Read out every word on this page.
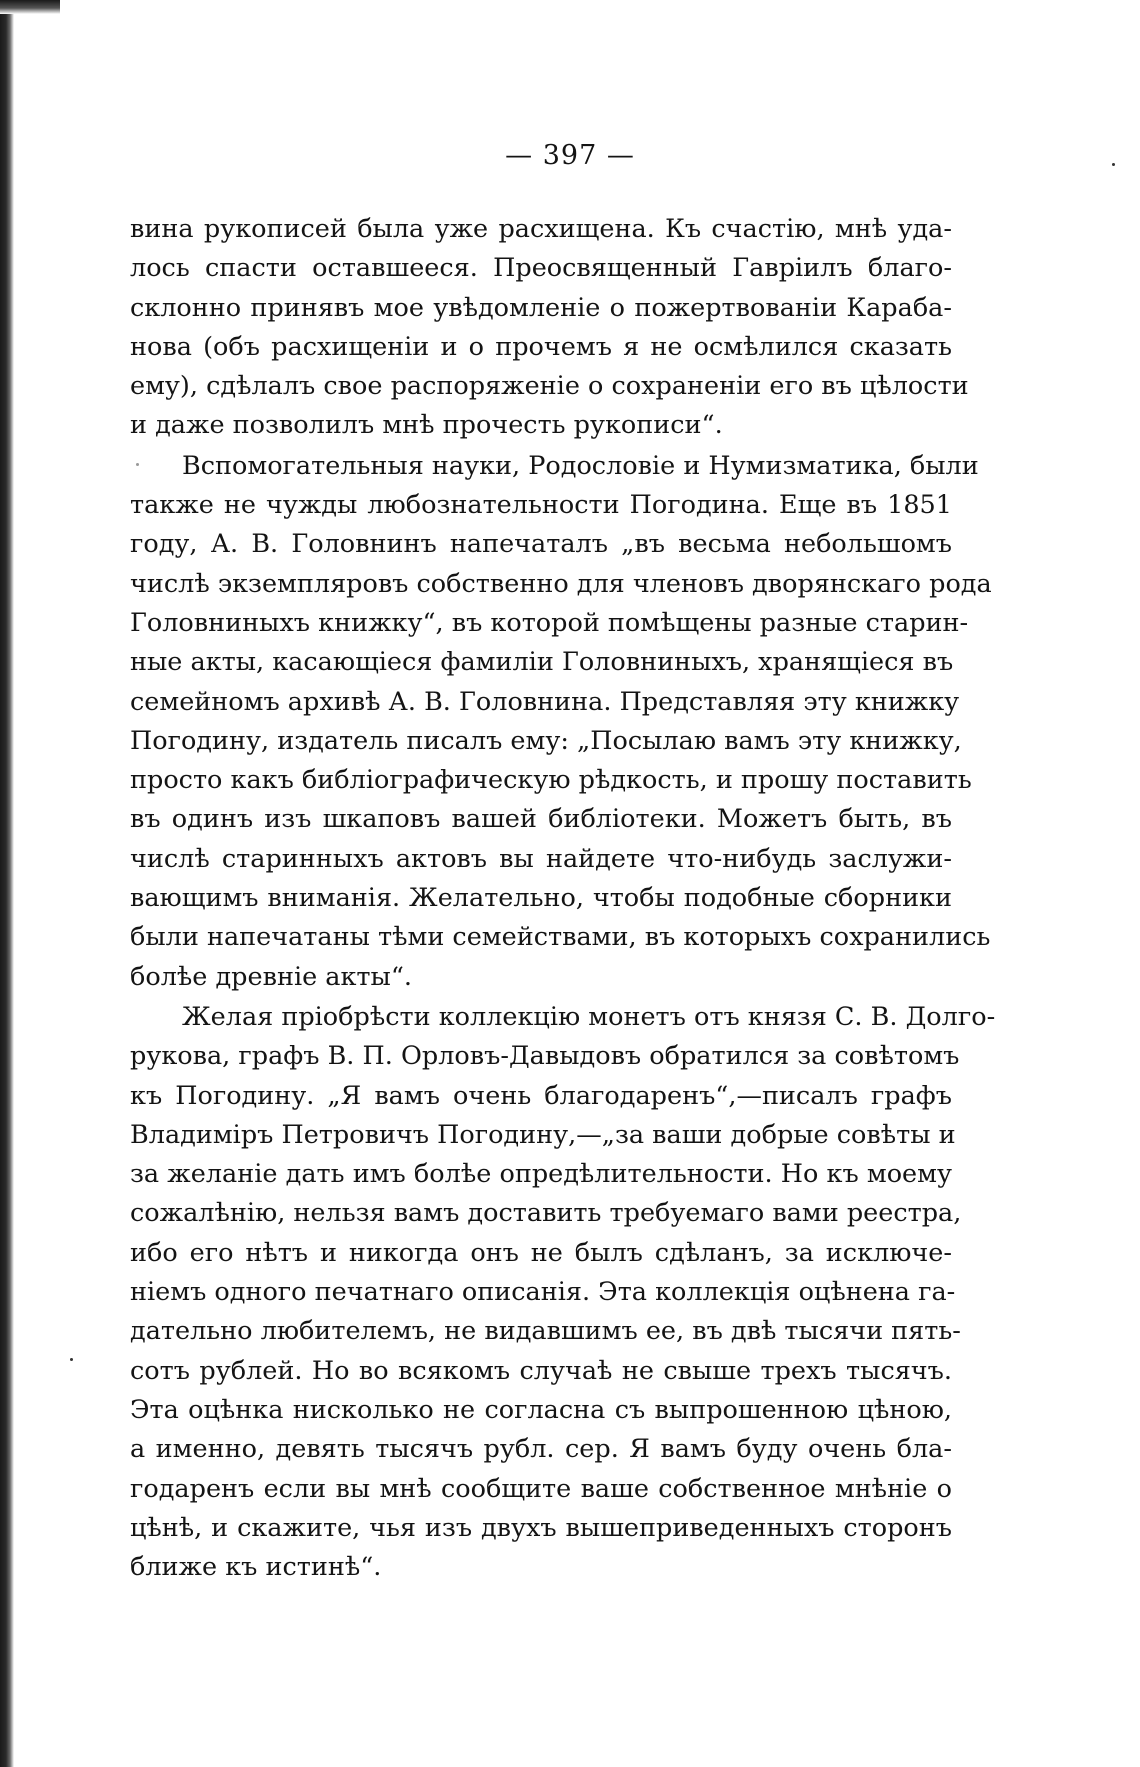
— 397 —
вина рукописей была уже расхищена. Къ счастію, мнѣ уда-
лось спасти оставшееся. Преосвященный Гавріилъ благо-
склонно принявъ мое увѣдомленіе о пожертвованіи Караба-
нова (объ расхищеніи и о прочемъ я не осмѣлился сказать
ему), сдѣлалъ свое распоряженіе о сохраненіи его въ цѣлости
и даже позволилъ мнѣ прочесть рукописи“.
Вспомогательныя науки, Родословіе и Нумизматика, были
также не чужды любознательности Погодина. Еще въ 1851
году, А. В. Головнинъ напечаталъ „въ весьма небольшомъ
числѣ экземпляровъ собственно для членовъ дворянскаго рода
Головниныхъ книжку“, въ которой помѣщены разные старин-
ные акты, касающіеся фамиліи Головниныхъ, хранящіеся въ
семейномъ архивѣ А. В. Головнина. Представляя эту книжку
Погодину, издатель писалъ ему: „Посылаю вамъ эту книжку,
просто какъ библіографическую рѣдкость, и прошу поставить
въ одинъ изъ шкаповъ вашей библіотеки. Можетъ быть, въ
числѣ старинныхъ актовъ вы найдете что-нибудь заслужи-
вающимъ вниманія. Желательно, чтобы подобные сборники
были напечатаны тѣми семействами, въ которыхъ сохранились
болѣе древніе акты“.
Желая пріобрѣсти коллекцію монетъ отъ князя С. В. Долго-
рукова, графъ В. П. Орловъ-Давыдовъ обратился за совѣтомъ
къ Погодину. „Я вамъ очень благодаренъ“,—писалъ графъ
Владиміръ Петровичъ Погодину,—„за ваши добрые совѣты и
за желаніе дать имъ болѣе опредѣлительности. Но къ моему
сожалѣнію, нельзя вамъ доставить требуемаго вами реестра,
ибо его нѣтъ и никогда онъ не былъ сдѣланъ, за исключе-
ніемъ одного печатнаго описанія. Эта коллекція оцѣнена га-
дательно любителемъ, не видавшимъ ее, въ двѣ тысячи пять-
сотъ рублей. Но во всякомъ случаѣ не свыше трехъ тысячъ.
Эта оцѣнка нисколько не согласна съ выпрошенною цѣною,
а именно, девять тысячъ рубл. сер. Я вамъ буду очень бла-
годаренъ если вы мнѣ сообщите ваше собственное мнѣніе о
цѣнѣ, и скажите, чья изъ двухъ вышеприведенныхъ сторонъ
ближе къ истинѣ“.
